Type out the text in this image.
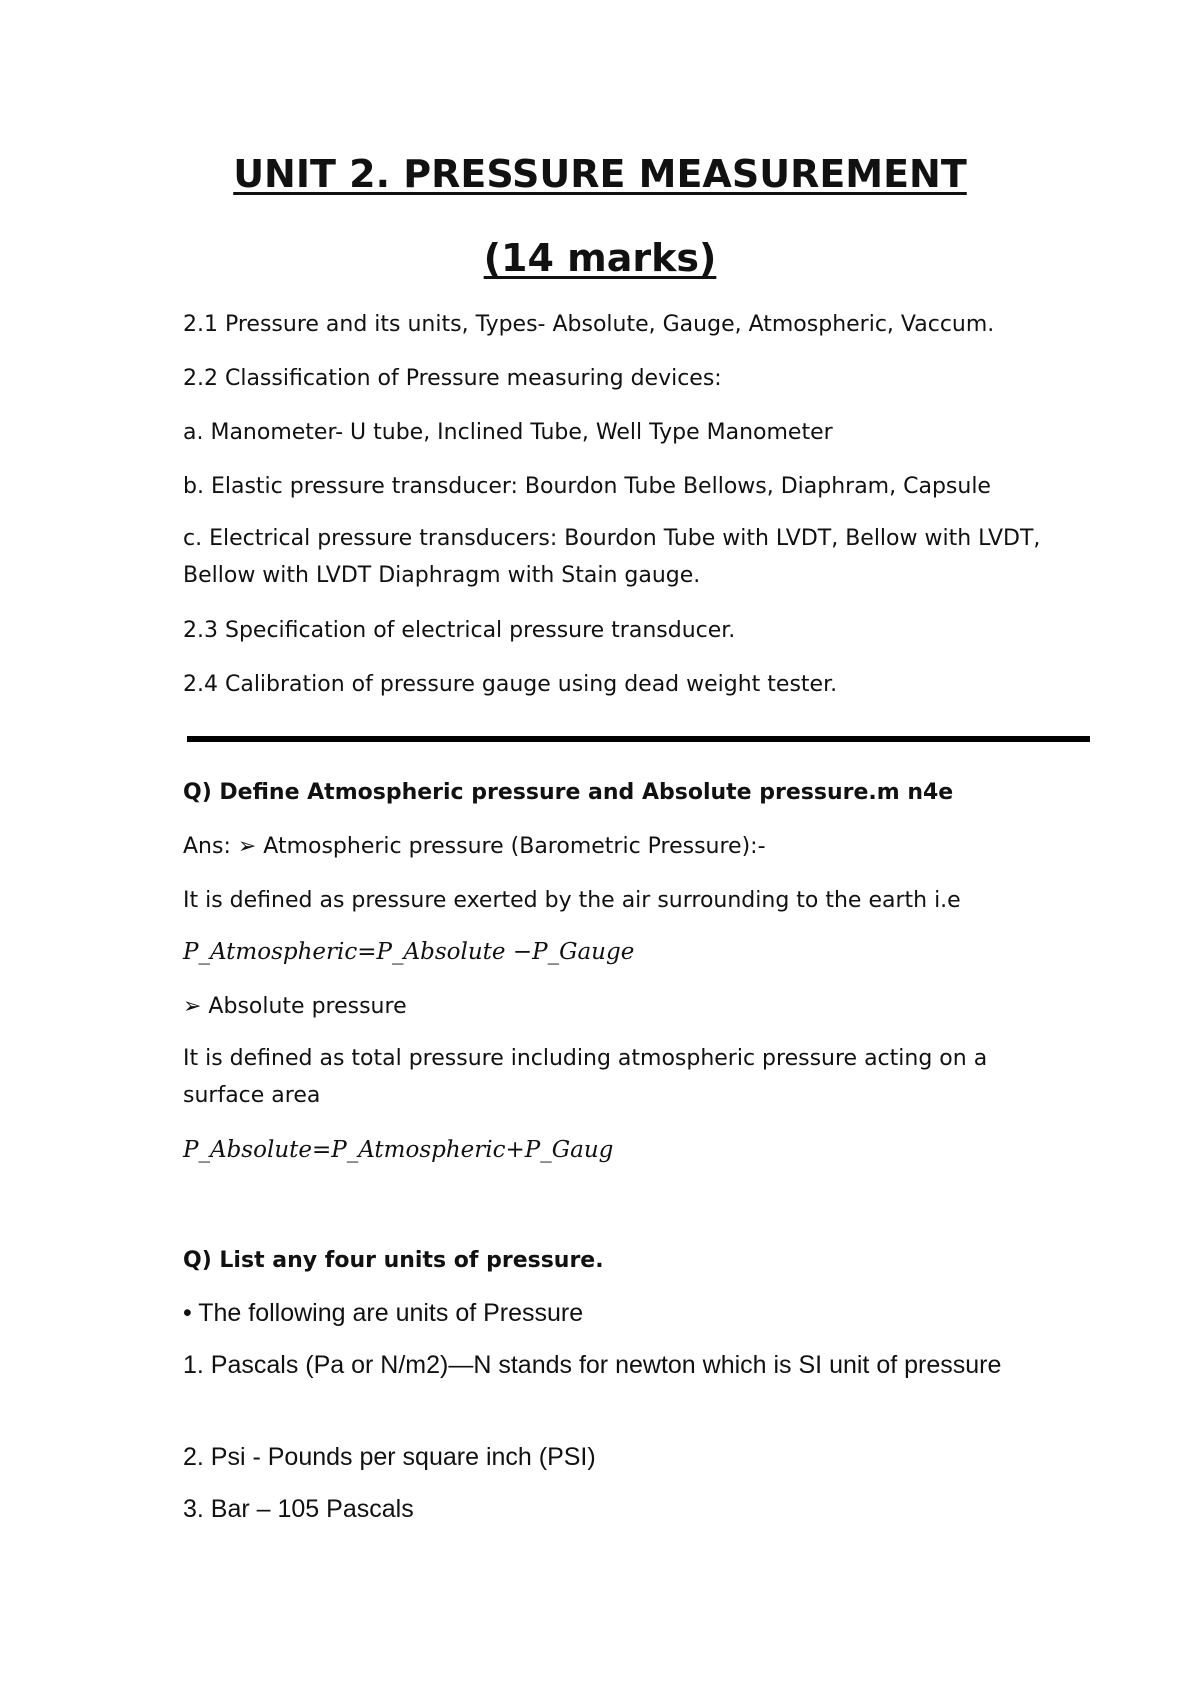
UNIT 2. PRESSURE MEASUREMENT
(14 marks)

2.1 Pressure and its units, Types- Absolute, Gauge, Atmospheric, Vaccum.

2.2 Classification of Pressure measuring devices:

a. Manometer- U tube, Inclined Tube, Well Type Manometer

b. Elastic pressure transducer: Bourdon Tube Bellows, Diaphram, Capsule

c. Electrical pressure transducers: Bourdon Tube with LVDT, Bellow with LVDT, Bellow with LVDT Diaphragm with Stain gauge.

2.3 Specification of electrical pressure transducer.

2.4 Calibration of pressure gauge using dead weight tester.

Q) Define Atmospheric pressure and Absolute pressure.m n4e

Ans: ➢ Atmospheric pressure (Barometric Pressure):-

It is defined as pressure exerted by the air surrounding to the earth i.e

P_Atmospheric=P_Absolute −P_Gauge

➢ Absolute pressure

It is defined as total pressure including atmospheric pressure acting on a surface area

P_Absolute=P_Atmospheric+P_Gaug

Q) List any four units of pressure.

• The following are units of Pressure

1. Pascals (Pa or N/m2)—N stands for newton which is SI unit of pressure

2. Psi - Pounds per square inch (PSI)

3. Bar – 105 Pascals
